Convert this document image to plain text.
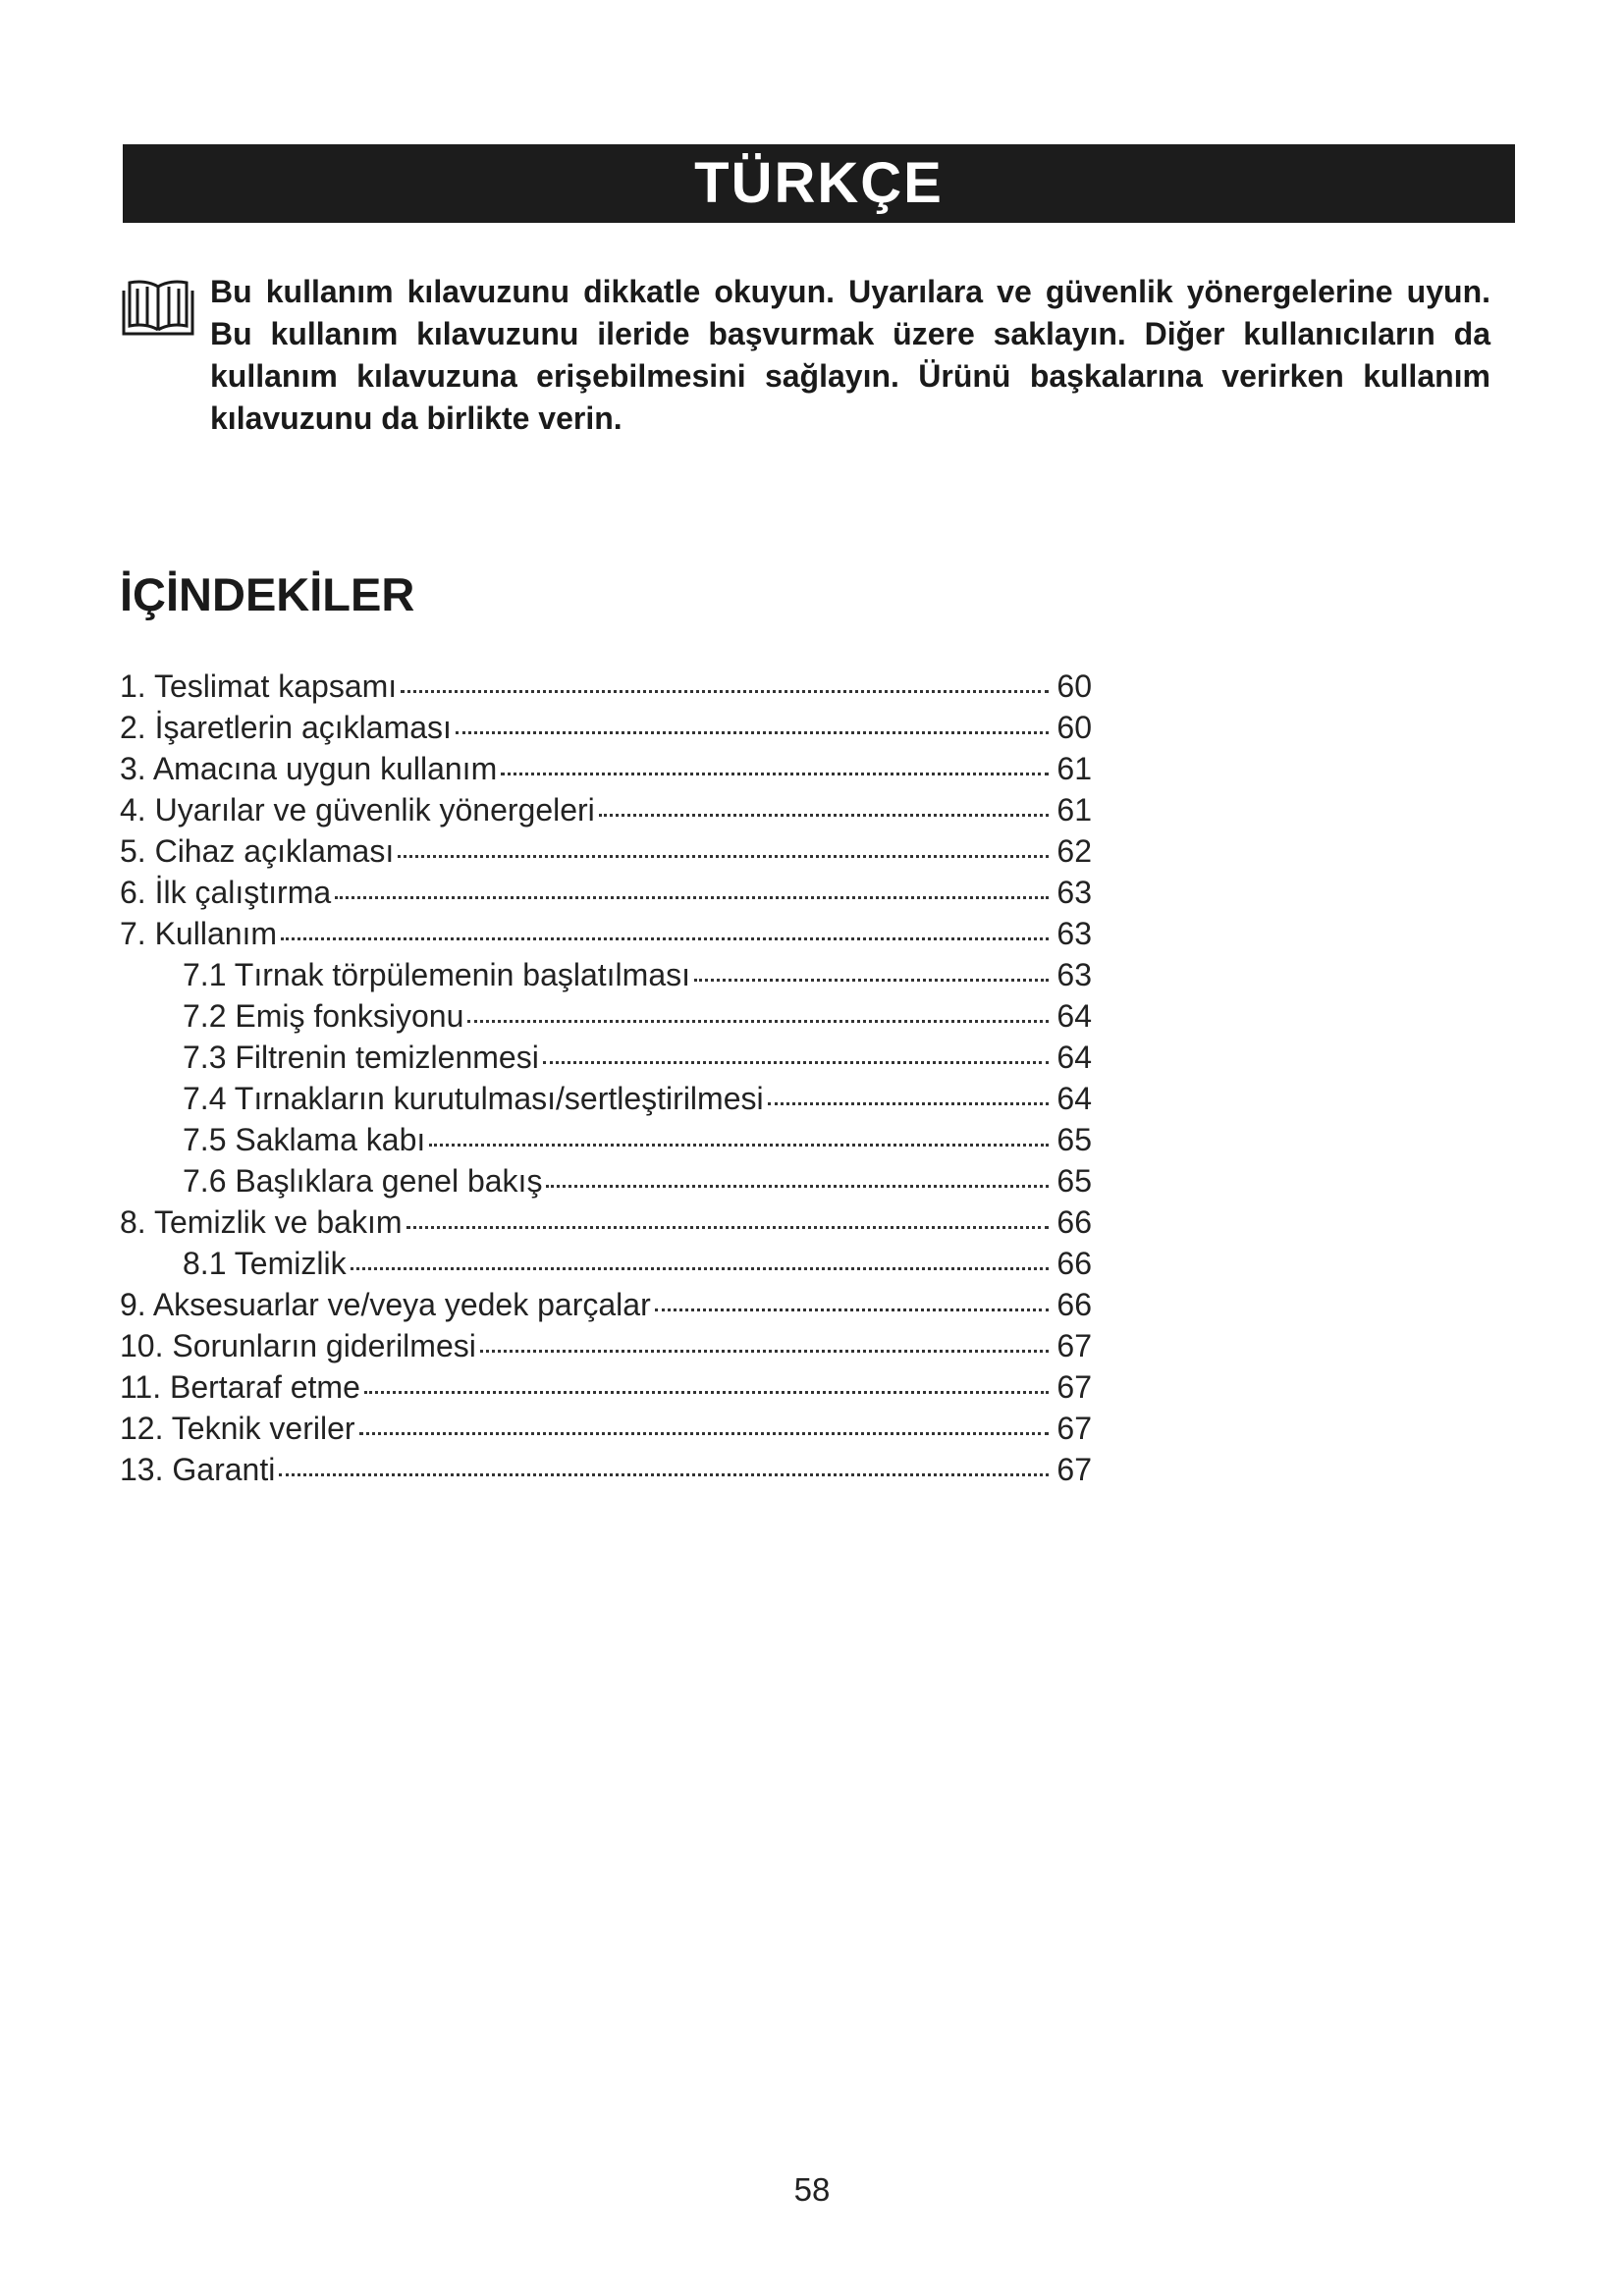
TÜRKÇE
Bu kullanım kılavuzunu dikkatle okuyun. Uyarılara ve güvenlik yönergelerine uyun. Bu kullanım kılavuzunu ileride başvurmak üzere saklayın. Diğer kullanıcıların da kullanım kılavuzuna erişebilmesini sağlayın. Ürünü başkalarına verirken kullanım kılavuzunu da birlikte verin.
İÇİNDEKİLER
1. Teslimat kapsamı	60
2. İşaretlerin açıklaması	60
3. Amacına uygun kullanım	61
4. Uyarılar ve güvenlik yönergeleri	61
5. Cihaz açıklaması	62
6. İlk çalıştırma	63
7. Kullanım	63
7.1 Tırnak törpülemenin başlatılması	63
7.2 Emiş fonksiyonu	64
7.3 Filtrenin temizlenmesi	64
7.4 Tırnakların kurutulması/sertleştirilmesi	64
7.5 Saklama kabı	65
7.6 Başlıklara genel bakış	65
8. Temizlik ve bakım	66
8.1 Temizlik	66
9. Aksesuarlar ve/veya yedek parçalar	66
10. Sorunların giderilmesi	67
11. Bertaraf etme	67
12. Teknik veriler	67
13. Garanti	67
58
